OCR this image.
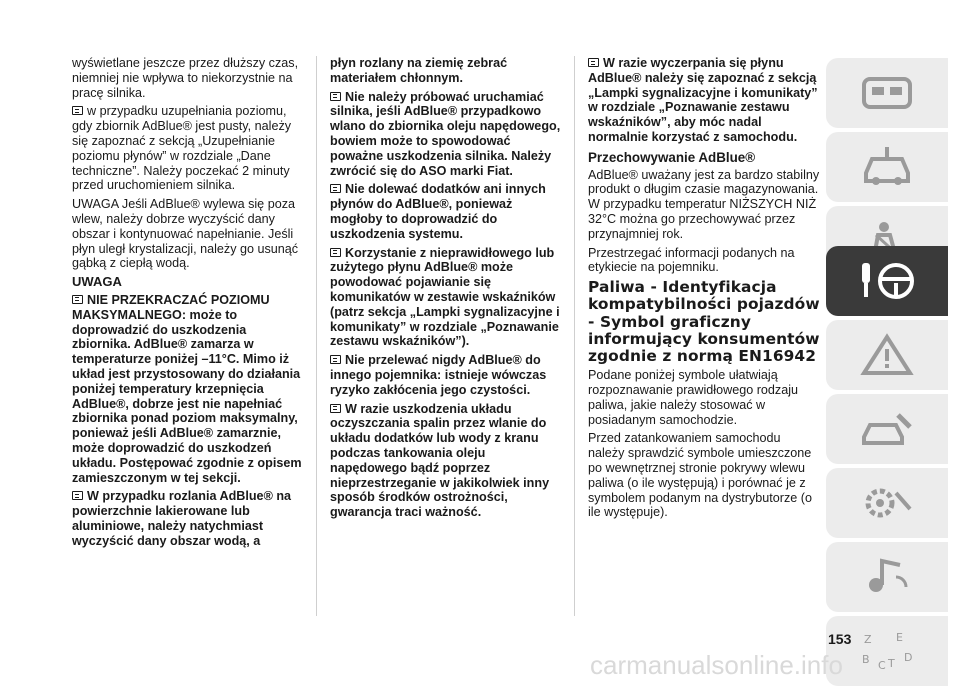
wyświetlane jeszcze przez dłuższy czas, niemniej nie wpływa to niekorzystnie na pracę silnika.

w przypadku uzupełniania poziomu, gdy zbiornik AdBlue® jest pusty, należy się zapoznać z sekcją „Uzupełnianie poziomu płynów” w rozdziale „Dane techniczne”. Należy poczekać 2 minuty przed uruchomieniem silnika.

UWAGA Jeśli AdBlue® wylewa się poza wlew, należy dobrze wyczyścić dany obszar i kontynuować napełnianie. Jeśli płyn uległ krystalizacji, należy go usunąć gąbką z ciepłą wodą.

UWAGA

NIE PRZEKRACZAĆ POZIOMU MAKSYMALNEGO: może to doprowadzić do uszkodzenia zbiornika. AdBlue® zamarza w temperaturze poniżej –11°C. Mimo iż układ jest przystosowany do działania poniżej temperatury krzepnięcia AdBlue®, dobrze jest nie napełniać zbiornika ponad poziom maksymalny, ponieważ jeśli AdBlue® zamarznie, może doprowadzić do uszkodzeń układu. Postępować zgodnie z opisem zamieszczonym w tej sekcji.

W przypadku rozlania AdBlue® na powierzchnie lakierowane lub aluminiowe, należy natychmiast wyczyścić dany obszar wodą, a

płyn rozlany na ziemię zebrać materiałem chłonnym.

Nie należy próbować uruchamiać silnika, jeśli AdBlue® przypadkowo wlano do zbiornika oleju napędowego, bowiem może to spowodować poważne uszkodzenia silnika. Należy zwrócić się do ASO marki Fiat.

Nie dolewać dodatków ani innych płynów do AdBlue®, ponieważ mogłoby to doprowadzić do uszkodzenia systemu.

Korzystanie z nieprawidłowego lub zużytego płynu AdBlue® może powodować pojawianie się komunikatów w zestawie wskaźników (patrz sekcja „Lampki sygnalizacyjne i komunikaty” w rozdziale „Poznawanie zestawu wskaźników”).

Nie przelewać nigdy AdBlue® do innego pojemnika: istnieje wówczas ryzyko zakłócenia jego czystości.

W razie uszkodzenia układu oczyszczania spalin przez wlanie do układu dodatków lub wody z kranu podczas tankowania oleju napędowego bądź poprzez nieprzestrzeganie w jakikolwiek inny sposób środków ostrożności, gwarancja traci ważność.

W razie wyczerpania się płynu AdBlue® należy się zapoznać z sekcją „Lampki sygnalizacyjne i komunikaty” w rozdziale „Poznawanie zestawu wskaźników”, aby móc nadal normalnie korzystać z samochodu.

Przechowywanie AdBlue®

AdBlue® uważany jest za bardzo stabilny produkt o długim czasie magazynowania. W przypadku temperatur NIŻSZYCH NIŻ 32°C można go przechowywać przez przynajmniej rok.

Przestrzegać informacji podanych na etykiecie na pojemniku.

Paliwa - Identyfikacja kompatybilności pojazdów - Symbol graficzny informujący konsumentów zgodnie z normą EN16942

Podane poniżej symbole ułatwiają rozpoznawanie prawidłowego rodzaju paliwa, jakie należy stosować w posiadanym samochodzie.

Przed zatankowaniem samochodu należy sprawdzić symbole umieszczone po wewnętrznej stronie pokrywy wlewu paliwa (o ile występują) i porównać je z symbolem podanym na dystrybutorze (o ile występuje).

Z E
B C T D
153
carmanualsonline.info
